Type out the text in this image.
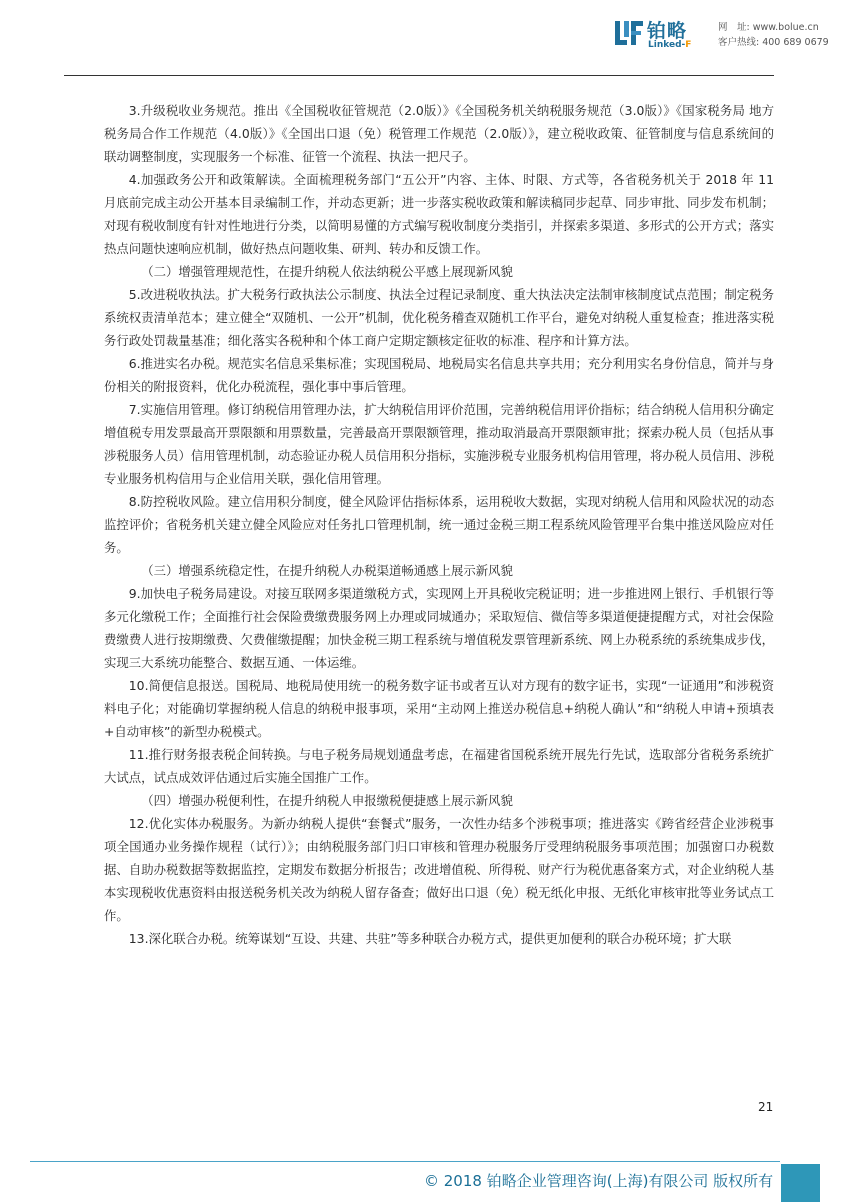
铂略
Linked-F
网　址: www.bolue.cn
客户热线: 400 689 0679

3.升级税收业务规范。推出《全国税收征管规范（2.0版）》《全国税务机关纳税服务规范（3.0版）》《国家税务局 地方税务局合作工作规范（4.0版）》《全国出口退（免）税管理工作规范（2.0版）》，建立税收政策、征管制度与信息系统间的联动调整制度，实现服务一个标准、征管一个流程、执法一把尺子。

4.加强政务公开和政策解读。全面梳理税务部门“五公开”内容、主体、时限、方式等，各省税务机关于 2018 年 11 月底前完成主动公开基本目录编制工作，并动态更新；进一步落实税收政策和解读稿同步起草、同步审批、同步发布机制；对现有税收制度有针对性地进行分类，以简明易懂的方式编写税收制度分类指引，并探索多渠道、多形式的公开方式；落实热点问题快速响应机制，做好热点问题收集、研判、转办和反馈工作。

（二）增强管理规范性，在提升纳税人依法纳税公平感上展现新风貌

5.改进税收执法。扩大税务行政执法公示制度、执法全过程记录制度、重大执法决定法制审核制度试点范围；制定税务系统权责清单范本；建立健全“双随机、一公开”机制，优化税务稽查双随机工作平台，避免对纳税人重复检查；推进落实税务行政处罚裁量基准；细化落实各税种和个体工商户定期定额核定征收的标准、程序和计算方法。

6.推进实名办税。规范实名信息采集标准；实现国税局、地税局实名信息共享共用；充分利用实名身份信息，简并与身份相关的附报资料，优化办税流程，强化事中事后管理。

7.实施信用管理。修订纳税信用管理办法，扩大纳税信用评价范围，完善纳税信用评价指标；结合纳税人信用积分确定增值税专用发票最高开票限额和用票数量，完善最高开票限额管理，推动取消最高开票限额审批；探索办税人员（包括从事涉税服务人员）信用管理机制，动态验证办税人员信用积分指标，实施涉税专业服务机构信用管理，将办税人员信用、涉税专业服务机构信用与企业信用关联，强化信用管理。

8.防控税收风险。建立信用积分制度，健全风险评估指标体系，运用税收大数据，实现对纳税人信用和风险状况的动态监控评价；省税务机关建立健全风险应对任务扎口管理机制，统一通过金税三期工程系统风险管理平台集中推送风险应对任务。

（三）增强系统稳定性，在提升纳税人办税渠道畅通感上展示新风貌

9.加快电子税务局建设。对接互联网多渠道缴税方式，实现网上开具税收完税证明；进一步推进网上银行、手机银行等多元化缴税工作；全面推行社会保险费缴费服务网上办理或同城通办；采取短信、微信等多渠道便捷提醒方式，对社会保险费缴费人进行按期缴费、欠费催缴提醒；加快金税三期工程系统与增值税发票管理新系统、网上办税系统的系统集成步伐，实现三大系统功能整合、数据互通、一体运维。

10.简便信息报送。国税局、地税局使用统一的税务数字证书或者互认对方现有的数字证书，实现“一证通用”和涉税资料电子化；对能确切掌握纳税人信息的纳税申报事项，采用“主动网上推送办税信息+纳税人确认”和“纳税人申请+预填表+自动审核”的新型办税模式。

11.推行财务报表税企间转换。与电子税务局规划通盘考虑，在福建省国税系统开展先行先试，选取部分省税务系统扩大试点，试点成效评估通过后实施全国推广工作。

（四）增强办税便利性，在提升纳税人申报缴税便捷感上展示新风貌

12.优化实体办税服务。为新办纳税人提供“套餐式”服务，一次性办结多个涉税事项；推进落实《跨省经营企业涉税事项全国通办业务操作规程（试行）》；由纳税服务部门归口审核和管理办税服务厅受理纳税服务事项范围；加强窗口办税数据、自助办税数据等数据监控，定期发布数据分析报告；改进增值税、所得税、财产行为税优惠备案方式，对企业纳税人基本实现税收优惠资料由报送税务机关改为纳税人留存备查；做好出口退（免）税无纸化申报、无纸化审核审批等业务试点工作。

13.深化联合办税。统筹谋划“互设、共建、共驻”等多种联合办税方式，提供更加便利的联合办税环境；扩大联

21
© 2018 铂略企业管理咨询(上海)有限公司 版权所有
